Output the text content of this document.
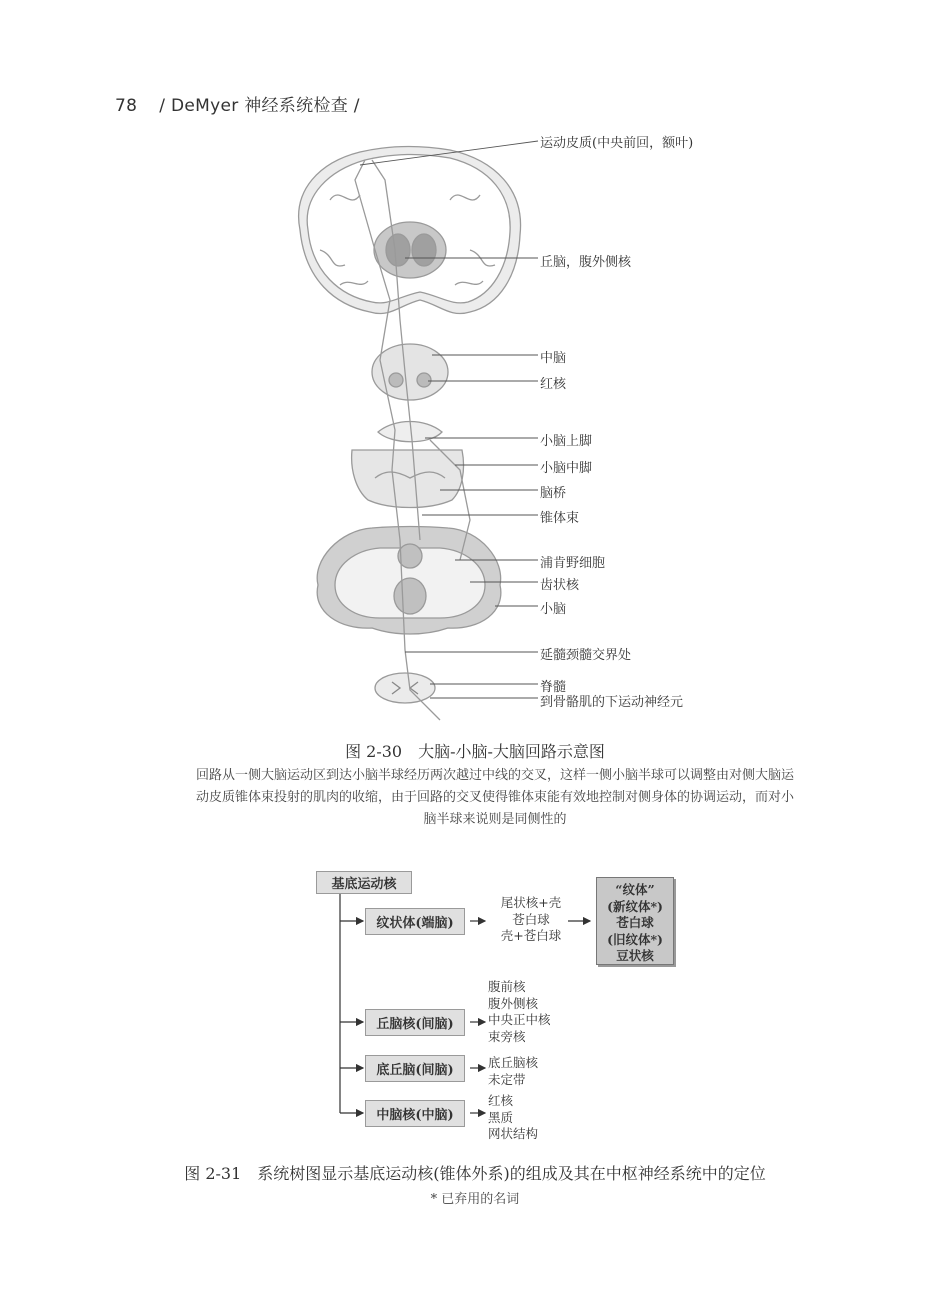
78 / DeMyer 神经系统检查 /
运动皮质(中央前回，额叶)
丘脑，腹外侧核
中脑
红核
小脑上脚
小脑中脚
脑桥
锥体束
浦肯野细胞
齿状核
小脑
延髓颈髓交界处
脊髓
到骨骼肌的下运动神经元
图 2-30　大脑-小脑-大脑回路示意图
回路从一侧大脑运动区到达小脑半球经历两次越过中线的交叉，这样一侧小脑半球可以调整由对侧大脑运动皮质锥体束投射的肌肉的收缩，由于回路的交叉使得锥体束能有效地控制对侧身体的协调运动，而对小脑半球来说则是同侧性的
基底运动核
纹状体(端脑)
丘脑核(间脑)
底丘脑(间脑)
中脑核(中脑)
尾状核+壳
苍白球
壳+苍白球
腹前核
腹外侧核
中央正中核
束旁核
底丘脑核
未定带
红核
黑质
网状结构
“纹体”
(新纹体*)
苍白球
(旧纹体*)
豆状核
图 2-31　系统树图显示基底运动核(锥体外系)的组成及其在中枢神经系统中的定位
* 已弃用的名词
